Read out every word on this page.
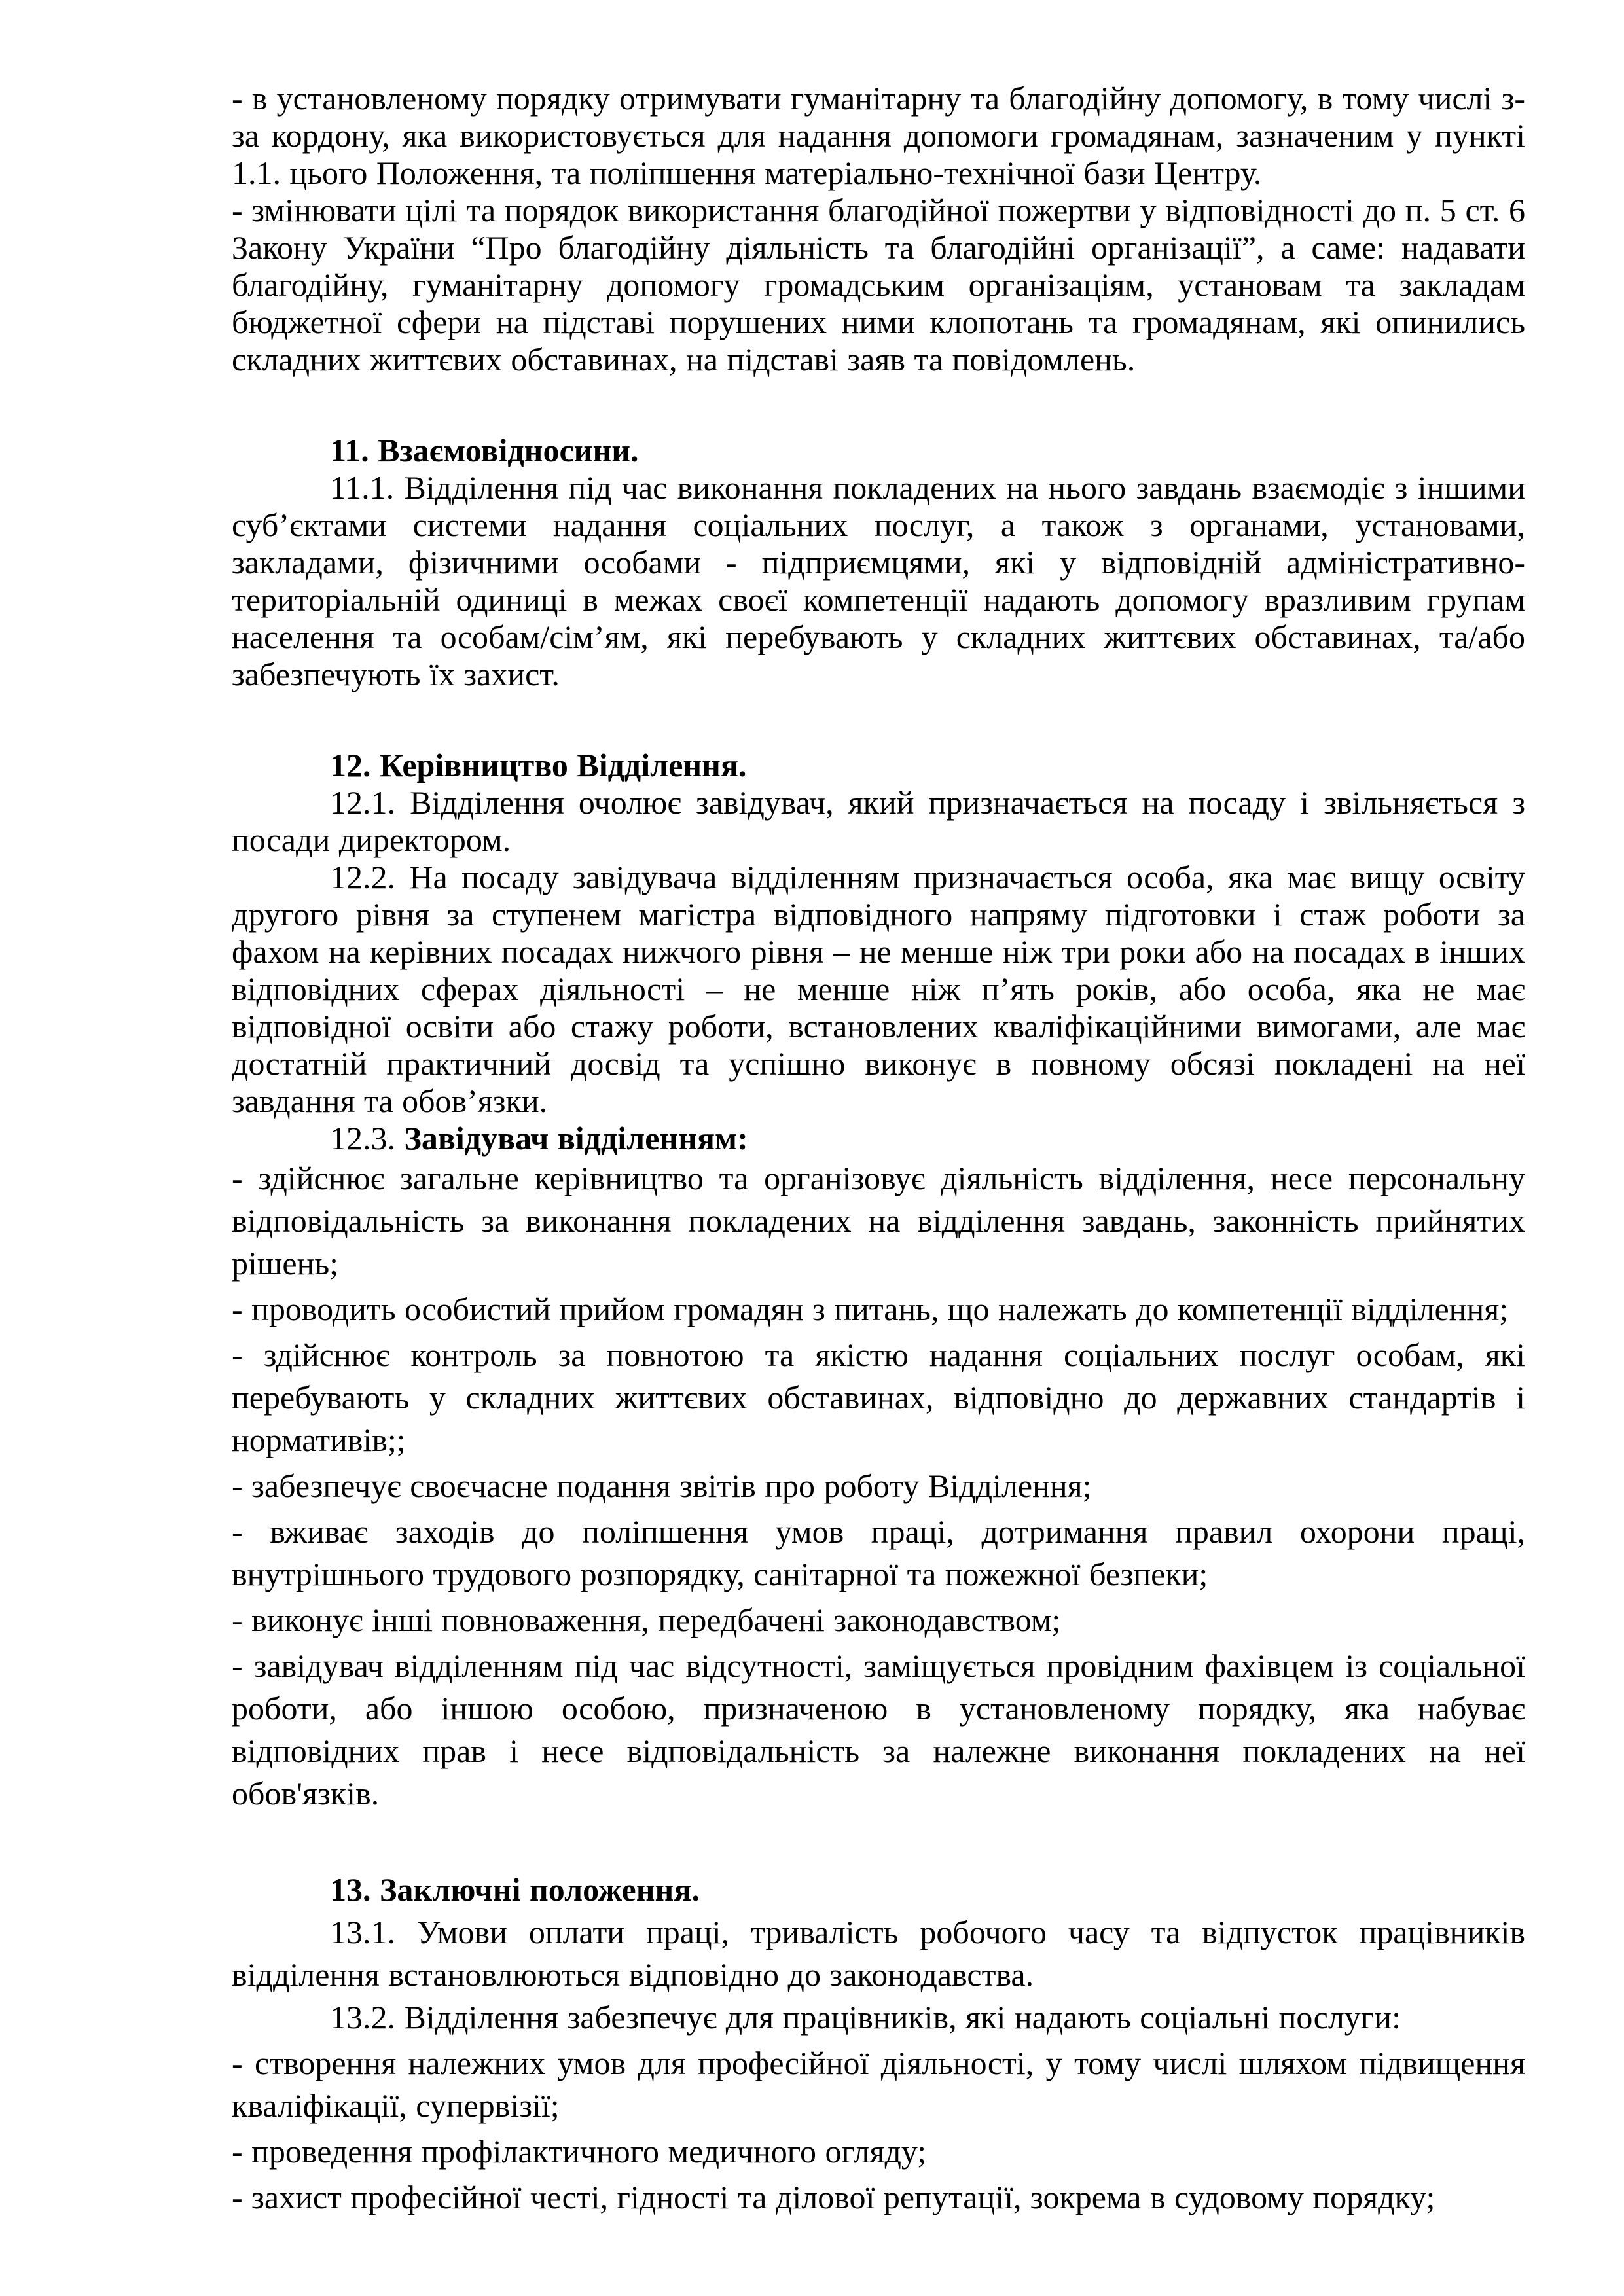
- в установленому порядку отримувати гуманітарну та благодійну допомогу, в тому числі з-за кордону, яка використовується для надання допомоги громадянам, зазначеним у пункті 1.1. цього Положення, та поліпшення матеріально-технічної бази Центру.

- змінювати цілі та порядок використання благодійної пожертви у відповідності до п. 5 ст. 6 Закону України “Про благодійну діяльність та благодійні організації”, а саме: надавати благодійну, гуманітарну допомогу громадським організаціям, установам та закладам бюджетної сфери на підставі порушених ними клопотань та громадянам, які опинились складних життєвих обставинах, на підставі заяв та повідомлень.

11. Взаємовідносини.

11.1. Відділення під час виконання покладених на нього завдань взаємодіє з іншими суб’єктами системи надання соціальних послуг, а також з органами, установами, закладами, фізичними особами - підприємцями, які у відповідній адміністративно-територіальній одиниці в межах своєї компетенції надають допомогу вразливим групам населення та особам/сім’ям, які перебувають у складних життєвих обставинах, та/або забезпечують їх захист.

12. Керівництво Відділення.

12.1. Відділення очолює завідувач, який призначається на посаду і звільняється з посади директором.

12.2. На посаду завідувача відділенням призначається особа, яка має вищу освіту другого рівня за ступенем магістра відповідного напряму підготовки і стаж роботи за фахом на керівних посадах нижчого рівня – не менше ніж три роки або на посадах в інших відповідних сферах діяльності – не менше ніж п’ять років, або особа, яка не має відповідної освіти або стажу роботи, встановлених кваліфікаційними вимогами, але має достатній практичний досвід та успішно виконує в повному обсязі покладені на неї завдання та обов’язки.

12.3. Завідувач відділенням:

- здійснює загальне керівництво та організовує діяльність відділення, несе персональну відповідальність за виконання покладених на відділення завдань, законність прийнятих рішень;

- проводить особистий прийом громадян з питань, що належать до компетенції відділення;

- здійснює контроль за повнотою та якістю надання соціальних послуг особам, які перебувають у складних життєвих обставинах, відповідно до державних стандартів і нормативів;;

- забезпечує своєчасне подання звітів про роботу Відділення;

- вживає заходів до поліпшення умов праці, дотримання правил охорони праці, внутрішнього трудового розпорядку, санітарної та пожежної безпеки;

- виконує інші повноваження, передбачені законодавством;

- завідувач відділенням під час відсутності, заміщується провідним фахівцем із соціальної роботи, або іншою особою, призначеною в установленому порядку, яка набуває відповідних прав і несе відповідальність за належне виконання покладених на неї обов'язків.

13. Заключні положення.

13.1. Умови оплати праці, тривалість робочого часу та відпусток працівників відділення встановлюються відповідно до законодавства.

13.2. Відділення забезпечує для працівників, які надають соціальні послуги:

- створення належних умов для професійної діяльності, у тому числі шляхом підвищення кваліфікації, супервізії;

- проведення профілактичного медичного огляду;

- захист професійної честі, гідності та ділової репутації, зокрема в судовому порядку;
